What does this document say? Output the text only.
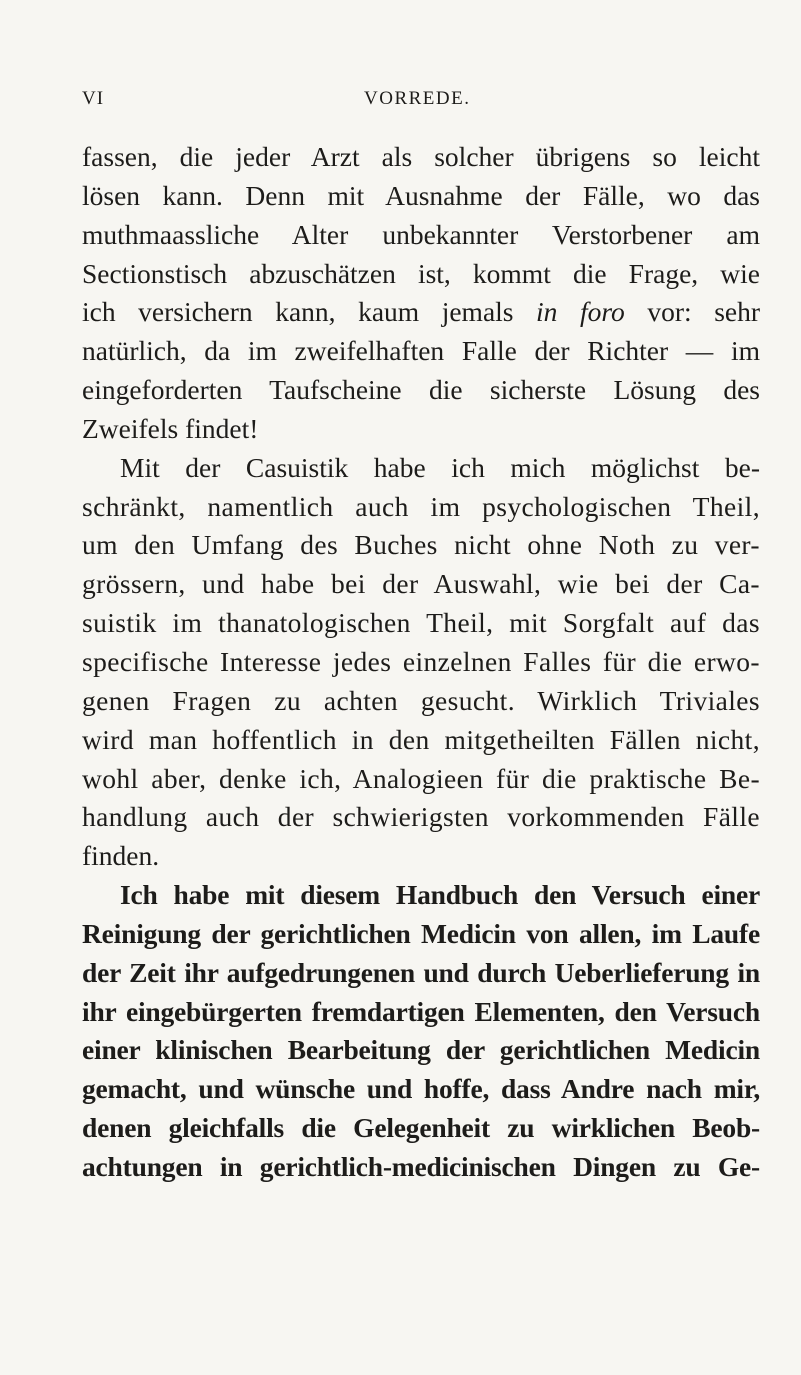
VI	VORREDE.
fassen, die jeder Arzt als solcher übrigens so leicht
lösen kann. Denn mit Ausnahme der Fälle, wo das
muthmaassliche Alter unbekannter Verstorbener am
Sectionstisch abzuschätzen ist, kommt die Frage, wie
ich versichern kann, kaum jemals in foro vor: sehr
natürlich, da im zweifelhaften Falle der Richter — im
eingeforderten Taufscheine die sicherste Lösung des
Zweifels findet!
Mit der Casuistik habe ich mich möglichst be-
schränkt, namentlich auch im psychologischen Theil,
um den Umfang des Buches nicht ohne Noth zu ver-
grössern, und habe bei der Auswahl, wie bei der Ca-
suistik im thanatologischen Theil, mit Sorgfalt auf das
specifische Interesse jedes einzelnen Falles für die erwo-
genen Fragen zu achten gesucht. Wirklich Triviales
wird man hoffentlich in den mitgetheilten Fällen nicht,
wohl aber, denke ich, Analogieen für die praktische Be-
handlung auch der schwierigsten vorkommenden Fälle
finden.
Ich habe mit diesem Handbuch den Versuch einer
Reinigung der gerichtlichen Medicin von allen, im Laufe
der Zeit ihr aufgedrungenen und durch Ueberlieferung in
ihr eingebürgerten fremdartigen Elementen, den Versuch
einer klinischen Bearbeitung der gerichtlichen Medicin
gemacht, und wünsche und hoffe, dass Andre nach mir,
denen gleichfalls die Gelegenheit zu wirklichen Beob-
achtungen in gerichtlich-medicinischen Dingen zu Ge-
